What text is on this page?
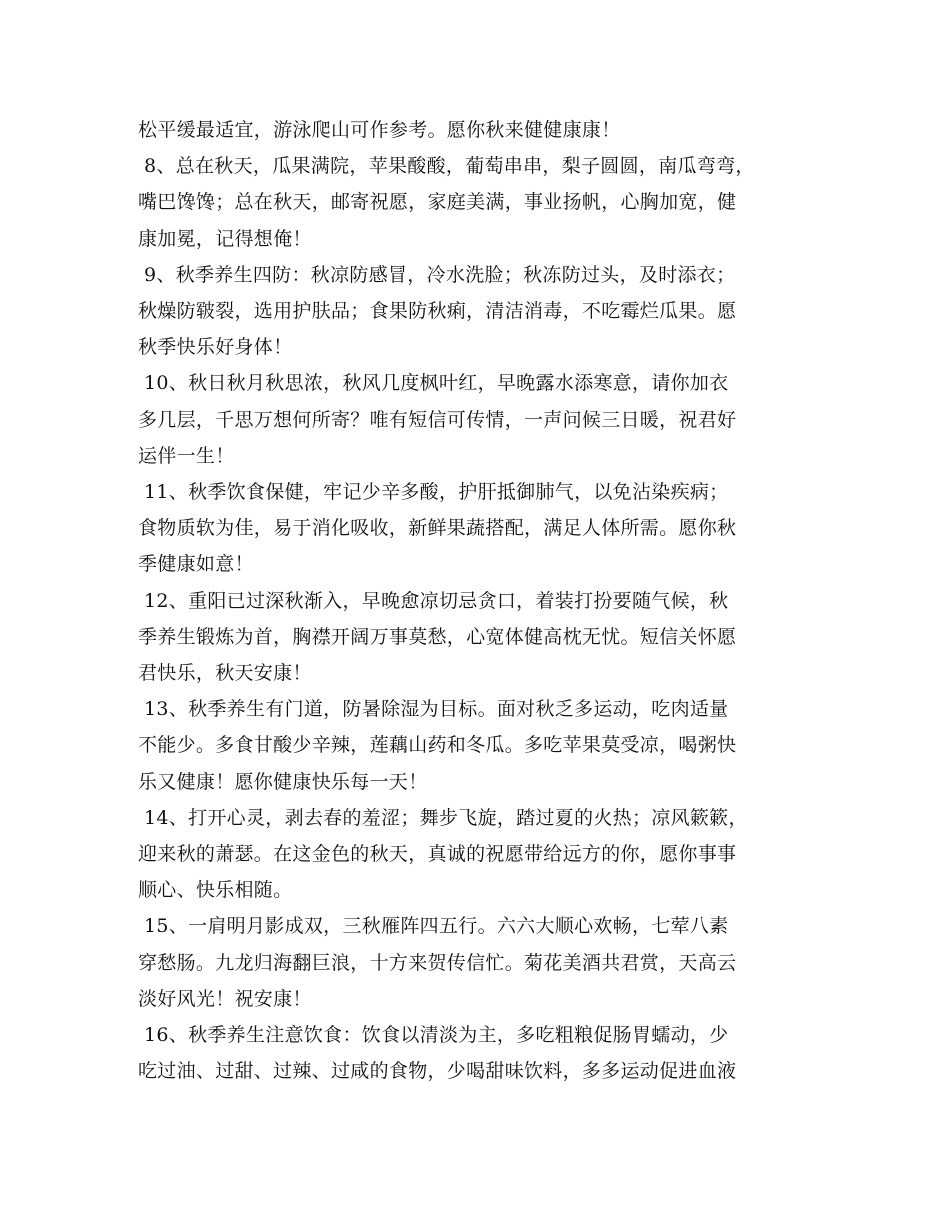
松平缓最适宜，游泳爬山可作参考。愿你秋来健健康康！

8、总在秋天，瓜果满院，苹果酸酸，葡萄串串，梨子圆圆，南瓜弯弯，
嘴巴馋馋；总在秋天，邮寄祝愿，家庭美满，事业扬帆，心胸加宽，健
康加冕，记得想俺！

9、秋季养生四防：秋凉防感冒，冷水洗脸；秋冻防过头，及时添衣；
秋燥防皲裂，选用护肤品；食果防秋痢，清洁消毒，不吃霉烂瓜果。愿
秋季快乐好身体！

10、秋日秋月秋思浓，秋风几度枫叶红，早晚露水添寒意，请你加衣
多几层，千思万想何所寄？唯有短信可传情，一声问候三日暖，祝君好
运伴一生！

11、秋季饮食保健，牢记少辛多酸，护肝抵御肺气，以免沾染疾病；
食物质软为佳，易于消化吸收，新鲜果蔬搭配，满足人体所需。愿你秋
季健康如意！

12、重阳已过深秋渐入，早晚愈凉切忌贪口，着装打扮要随气候，秋
季养生锻炼为首，胸襟开阔万事莫愁，心宽体健高枕无忧。短信关怀愿
君快乐，秋天安康！

13、秋季养生有门道，防暑除湿为目标。面对秋乏多运动，吃肉适量
不能少。多食甘酸少辛辣，莲藕山药和冬瓜。多吃苹果莫受凉，喝粥快
乐又健康！愿你健康快乐每一天！

14、打开心灵，剥去春的羞涩；舞步飞旋，踏过夏的火热；凉风簌簌，
迎来秋的萧瑟。在这金色的秋天，真诚的祝愿带给远方的你，愿你事事
顺心、快乐相随。

15、一肩明月影成双，三秋雁阵四五行。六六大顺心欢畅，七荤八素
穿愁肠。九龙归海翻巨浪，十方来贺传信忙。菊花美酒共君赏，天高云
淡好风光！祝安康！

16、秋季养生注意饮食：饮食以清淡为主，多吃粗粮促肠胃蠕动，少
吃过油、过甜、过辣、过咸的食物，少喝甜味饮料，多多运动促进血液
